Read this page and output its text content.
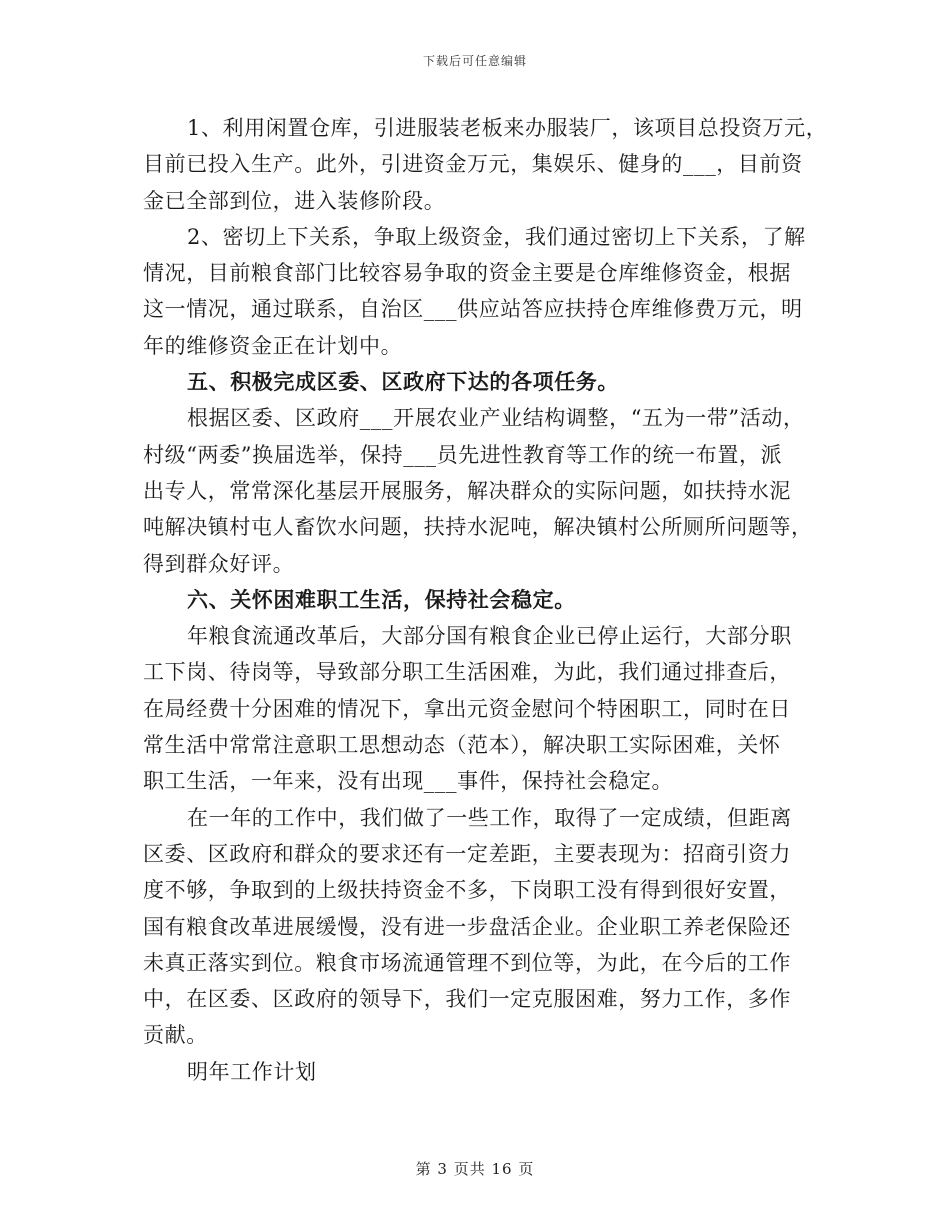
下载后可任意编辑
1、利用闲置仓库，引进服装老板来办服装厂，该项目总投资万元，
目前已投入生产。此外，引进资金万元，集娱乐、健身的___，目前资
金已全部到位，进入装修阶段。
2、密切上下关系，争取上级资金，我们通过密切上下关系，了解
情况，目前粮食部门比较容易争取的资金主要是仓库维修资金，根据
这一情况，通过联系，自治区___供应站答应扶持仓库维修费万元，明
年的维修资金正在计划中。
五、积极完成区委、区政府下达的各项任务。
根据区委、区政府___开展农业产业结构调整，“五为一带”活动，
村级“两委”换届选举，保持___员先进性教育等工作的统一布置，派
出专人，常常深化基层开展服务，解决群众的实际问题，如扶持水泥
吨解决镇村屯人畜饮水问题，扶持水泥吨，解决镇村公所厕所问题等，
得到群众好评。
六、关怀困难职工生活，保持社会稳定。
年粮食流通改革后，大部分国有粮食企业已停止运行，大部分职
工下岗、待岗等，导致部分职工生活困难，为此，我们通过排查后，
在局经费十分困难的情况下，拿出元资金慰问个特困职工，同时在日
常生活中常常注意职工思想动态（范本），解决职工实际困难，关怀
职工生活，一年来，没有出现___事件，保持社会稳定。
在一年的工作中，我们做了一些工作，取得了一定成绩，但距离
区委、区政府和群众的要求还有一定差距，主要表现为：招商引资力
度不够，争取到的上级扶持资金不多，下岗职工没有得到很好安置，
国有粮食改革进展缓慢，没有进一步盘活企业。企业职工养老保险还
未真正落实到位。粮食市场流通管理不到位等，为此，在今后的工作
中，在区委、区政府的领导下，我们一定克服困难，努力工作，多作
贡献。
明年工作计划
第 3 页共 16 页
